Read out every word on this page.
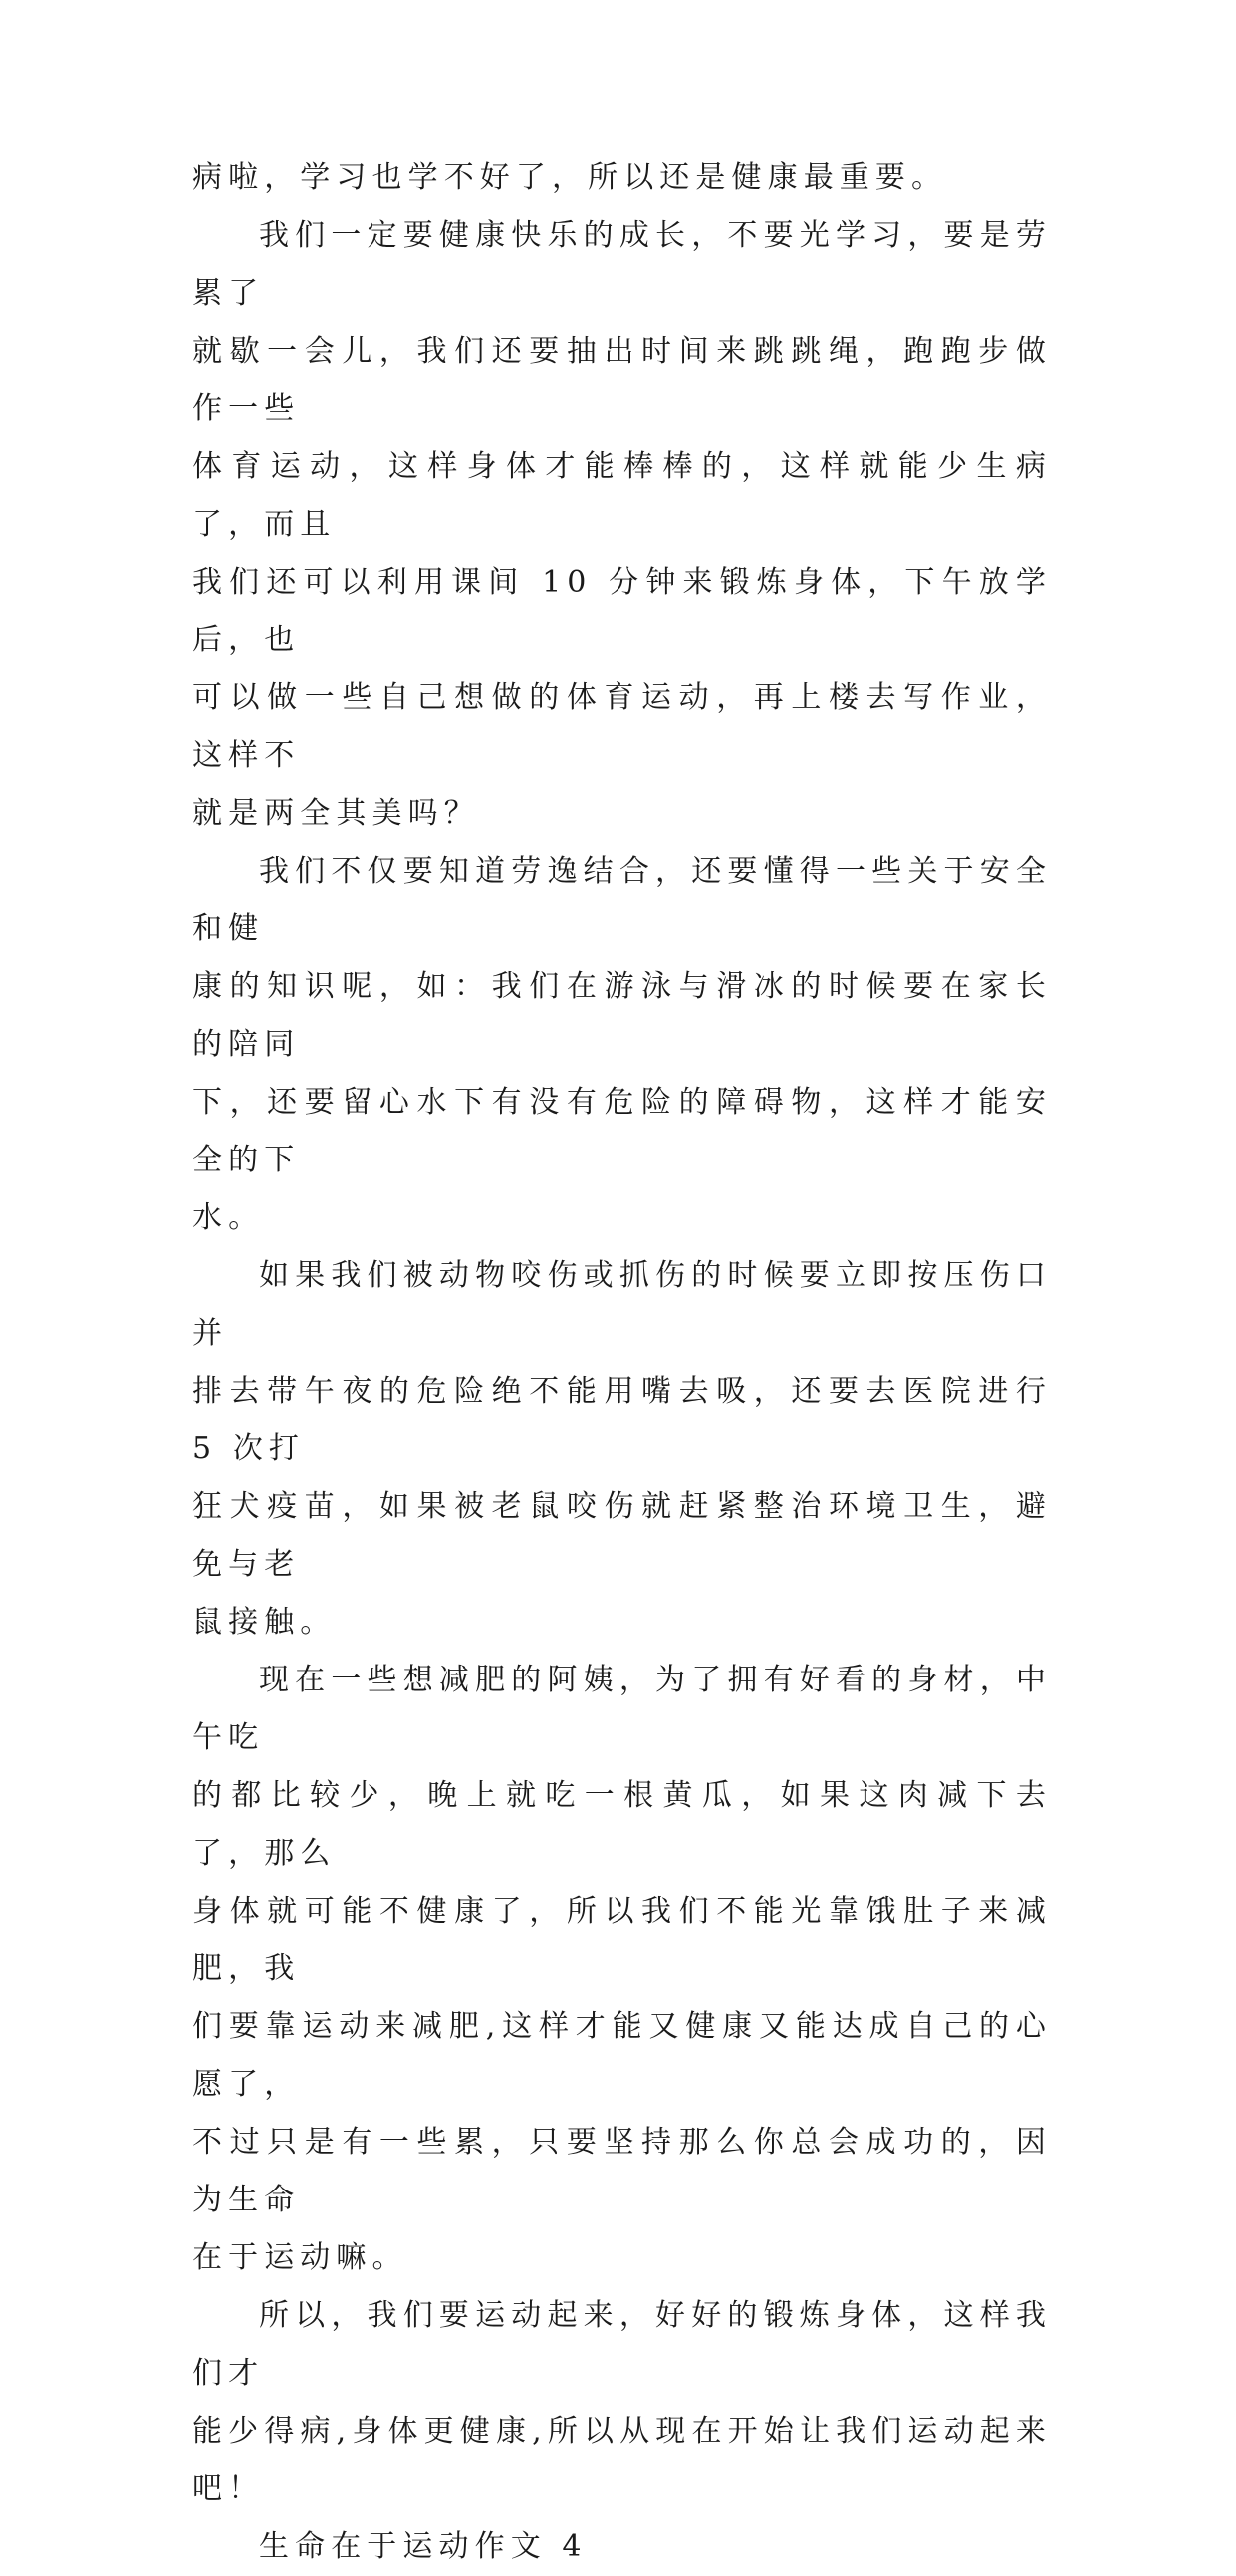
病啦，学习也学不好了，所以还是健康最重要。

我们一定要健康快乐的成长，不要光学习，要是劳累了
就歇一会儿，我们还要抽出时间来跳跳绳，跑跑步做作一些
体育运动，这样身体才能棒棒的，这样就能少生病了，而且
我们还可以利用课间 10 分钟来锻炼身体，下午放学后，也
可以做一些自己想做的体育运动，再上楼去写作业，这样不
就是两全其美吗？

我们不仅要知道劳逸结合，还要懂得一些关于安全和健
康的知识呢，如：我们在游泳与滑冰的时候要在家长的陪同
下，还要留心水下有没有危险的障碍物，这样才能安全的下
水。

如果我们被动物咬伤或抓伤的时候要立即按压伤口并
排去带午夜的危险绝不能用嘴去吸，还要去医院进行 5 次打
狂犬疫苗，如果被老鼠咬伤就赶紧整治环境卫生，避免与老
鼠接触。

现在一些想减肥的阿姨，为了拥有好看的身材，中午吃
的都比较少，晚上就吃一根黄瓜，如果这肉减下去了，那么
身体就可能不健康了，所以我们不能光靠饿肚子来减肥，我
们要靠运动来减肥,这样才能又健康又能达成自己的心愿了，
不过只是有一些累，只要坚持那么你总会成功的，因为生命
在于运动嘛。

所以，我们要运动起来，好好的锻炼身体，这样我们才
能少得病,身体更健康,所以从现在开始让我们运动起来吧！

生命在于运动作文 4
